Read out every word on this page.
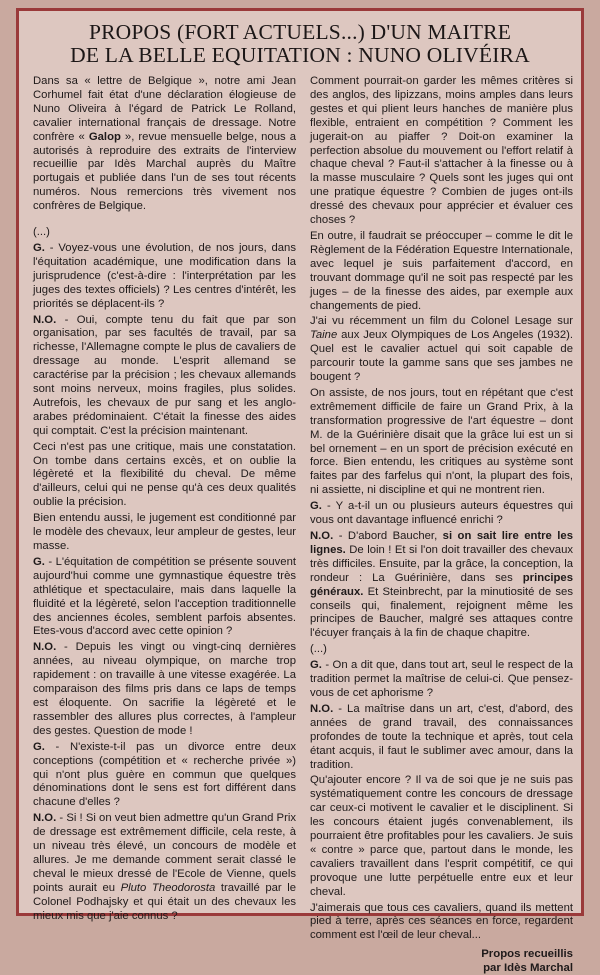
PROPOS (FORT ACTUELS...) D'UN MAITRE
DE LA BELLE EQUITATION : NUNO OLIVÉIRA

Dans sa « lettre de Belgique », notre ami Jean Corhumel fait état d'une déclaration élogieuse de Nuno Oliveira à l'égard de Patrick Le Rolland, cavalier international français de dressage. Notre confrère « Galop », revue mensuelle belge, nous a autorisés à reproduire des extraits de l'interview recueillie par Idès Marchal auprès du Maître portugais et publiée dans l'un de ses tout récents numéros. Nous remercions très vivement nos confrères de Belgique.

(...)

G. - Voyez-vous une évolution, de nos jours, dans l'équitation académique, une modification dans la jurisprudence (c'est-à-dire : l'interprétation par les juges des textes officiels) ? Les centres d'intérêt, les priorités se déplacent-ils ?

N.O. - Oui, compte tenu du fait que par son organisation, par ses facultés de travail, par sa richesse, l'Allemagne compte le plus de cavaliers de dressage au monde. L'esprit allemand se caractérise par la précision ; les chevaux allemands sont moins nerveux, moins fragiles, plus solides. Autrefois, les chevaux de pur sang et les anglo-arabes prédominaient. C'était la finesse des aides qui comptait. C'est la précision maintenant.

Ceci n'est pas une critique, mais une constatation. On tombe dans certains excès, et on oublie la légèreté et la flexibilité du cheval. De même d'ailleurs, celui qui ne pense qu'à ces deux qualités oublie la précision.

Bien entendu aussi, le jugement est conditionné par le modèle des chevaux, leur ampleur de gestes, leur masse.

G. - L'équitation de compétition se présente souvent aujourd'hui comme une gymnastique équestre très athlétique et spectaculaire, mais dans laquelle la fluidité et la légèreté, selon l'acception traditionnelle des anciennes écoles, semblent parfois absentes. Etes-vous d'accord avec cette opinion ?

N.O. - Depuis les vingt ou vingt-cinq dernières années, au niveau olympique, on marche trop rapidement : on travaille à une vitesse exagérée. La comparaison des films pris dans ce laps de temps est éloquente. On sacrifie la légèreté et le rassembler des allures plus correctes, à l'ampleur des gestes. Question de mode !

G. - N'existe-t-il pas un divorce entre deux conceptions (compétition et « recherche privée ») qui n'ont plus guère en commun que quelques dénominations dont le sens est fort différent dans chacune d'elles ?

N.O. - Si ! Si on veut bien admettre qu'un Grand Prix de dressage est extrêmement difficile, cela reste, à un niveau très élevé, un concours de modèle et allures. Je me demande comment serait classé le cheval le mieux dressé de l'Ecole de Vienne, quels points aurait eu Pluto Theodorosta travaillé par le Colonel Podhajsky et qui était un des chevaux les mieux mis que j'aie connus ?

Comment pourrait-on garder les mêmes critères si des anglos, des lipizzans, moins amples dans leurs gestes et qui plient leurs hanches de manière plus flexible, entraient en compétition ? Comment les jugerait-on au piaffer ? Doit-on examiner la perfection absolue du mouvement ou l'effort relatif à chaque cheval ? Faut-il s'attacher à la finesse ou à la masse musculaire ? Quels sont les juges qui ont une pratique équestre ? Combien de juges ont-ils dressé des chevaux pour apprécier et évaluer ces choses ?

En outre, il faudrait se préoccuper – comme le dit le Règlement de la Fédération Equestre Internationale, avec lequel je suis parfaitement d'accord, en trouvant dommage qu'il ne soit pas respecté par les juges – de la finesse des aides, par exemple aux changements de pied.

J'ai vu récemment un film du Colonel Lesage sur Taine aux Jeux Olympiques de Los Angeles (1932). Quel est le cavalier actuel qui soit capable de parcourir toute la gamme sans que ses jambes ne bougent ?

On assiste, de nos jours, tout en répétant que c'est extrêmement difficile de faire un Grand Prix, à la transformation progressive de l'art équestre – dont M. de la Guérinière disait que la grâce lui est un si bel ornement – en un sport de précision exécuté en force. Bien entendu, les critiques au système sont faites par des farfelus qui n'ont, la plupart des fois, ni assiette, ni discipline et qui ne montrent rien.

G. - Y a-t-il un ou plusieurs auteurs équestres qui vous ont davantage influencé enrichi ?

N.O. - D'abord Baucher, si on sait lire entre les lignes. De loin ! Et si l'on doit travailler des chevaux très difficiles. Ensuite, par la grâce, la conception, la rondeur : La Guérinière, dans ses principes généraux. Et Steinbrecht, par la minutiosité de ses conseils qui, finalement, rejoignent même les principes de Baucher, malgré ses attaques contre l'écuyer français à la fin de chaque chapitre.

(...)

G. - On a dit que, dans tout art, seul le respect de la tradition permet la maîtrise de celui-ci. Que pensez-vous de cet aphorisme ?

N.O. - La maîtrise dans un art, c'est, d'abord, des années de grand travail, des connaissances profondes de toute la technique et après, tout cela étant acquis, il faut le sublimer avec amour, dans la tradition.

Qu'ajouter encore ? Il va de soi que je ne suis pas systématiquement contre les concours de dressage car ceux-ci motivent le cavalier et le disciplinent. Si les concours étaient jugés convenablement, ils pourraient être profitables pour les cavaliers. Je suis « contre » parce que, partout dans le monde, les cavaliers travaillent dans l'esprit compétitif, ce qui provoque une lutte perpétuelle entre eux et leur cheval.

J'aimerais que tous ces cavaliers, quand ils mettent pied à terre, après ces séances en force, regardent comment est l'œil de leur cheval...

Propos recueillis
par Idès Marchal
